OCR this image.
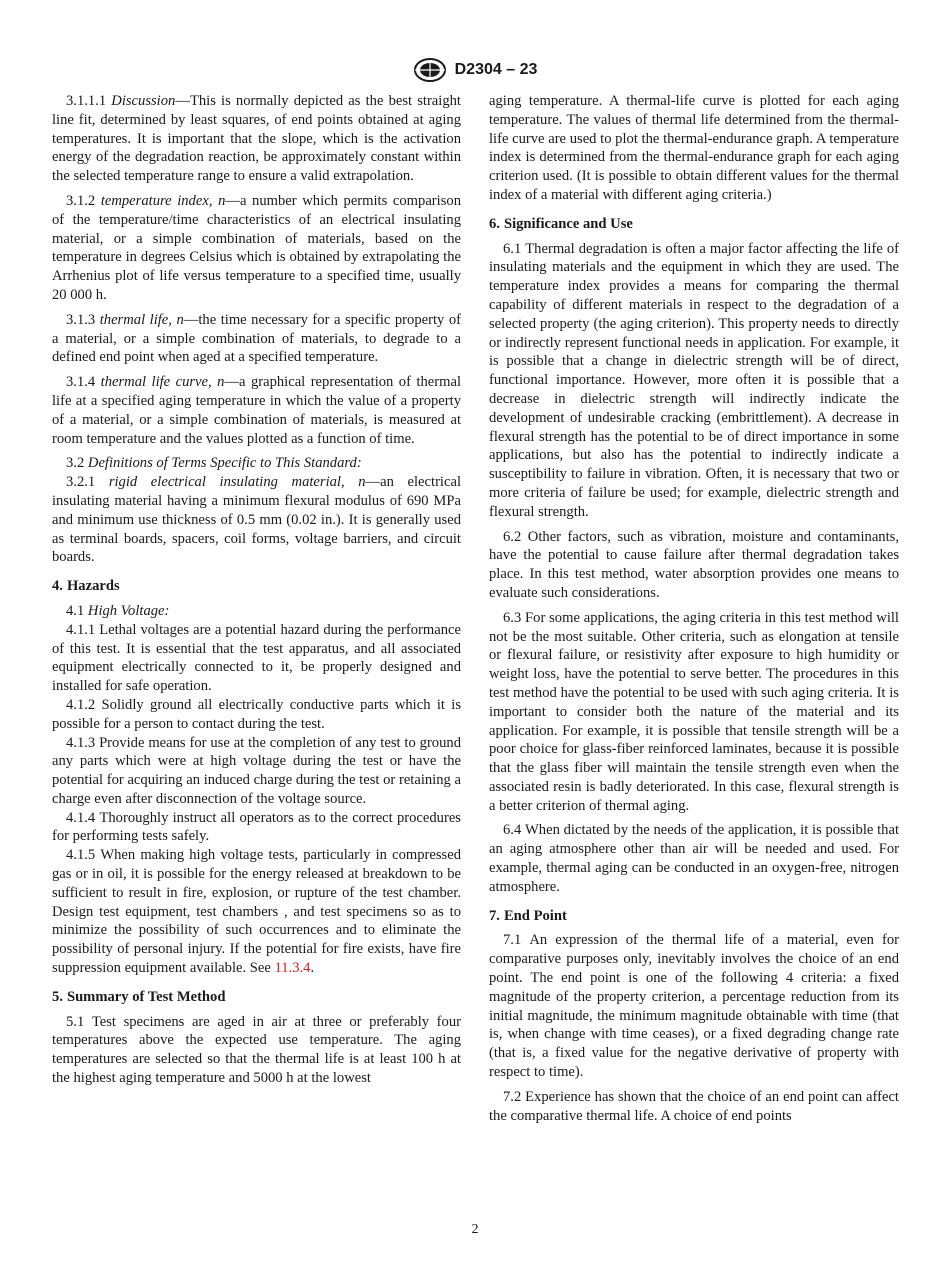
D2304 – 23

3.1.1.1 Discussion—This is normally depicted as the best straight line fit, determined by least squares, of end points obtained at aging temperatures. It is important that the slope, which is the activation energy of the degradation reaction, be approximately constant within the selected temperature range to ensure a valid extrapolation.

3.1.2 temperature index, n—a number which permits comparison of the temperature/time characteristics of an electrical insulating material, or a simple combination of materials, based on the temperature in degrees Celsius which is obtained by extrapolating the Arrhenius plot of life versus temperature to a specified time, usually 20 000 h.

3.1.3 thermal life, n—the time necessary for a specific property of a material, or a simple combination of materials, to degrade to a defined end point when aged at a specified temperature.

3.1.4 thermal life curve, n—a graphical representation of thermal life at a specified aging temperature in which the value of a property of a material, or a simple combination of materials, is measured at room temperature and the values plotted as a function of time.

3.2 Definitions of Terms Specific to This Standard:

3.2.1 rigid electrical insulating material, n—an electrical insulating material having a minimum flexural modulus of 690 MPa and minimum use thickness of 0.5 mm (0.02 in.). It is generally used as terminal boards, spacers, coil forms, voltage barriers, and circuit boards.

4. Hazards

4.1 High Voltage:

4.1.1 Lethal voltages are a potential hazard during the performance of this test. It is essential that the test apparatus, and all associated equipment electrically connected to it, be properly designed and installed for safe operation.

4.1.2 Solidly ground all electrically conductive parts which it is possible for a person to contact during the test.

4.1.3 Provide means for use at the completion of any test to ground any parts which were at high voltage during the test or have the potential for acquiring an induced charge during the test or retaining a charge even after disconnection of the voltage source.

4.1.4 Thoroughly instruct all operators as to the correct procedures for performing tests safely.

4.1.5 When making high voltage tests, particularly in compressed gas or in oil, it is possible for the energy released at breakdown to be sufficient to result in fire, explosion, or rupture of the test chamber. Design test equipment, test chambers , and test specimens so as to minimize the possibility of such occurrences and to eliminate the possibility of personal injury. If the potential for fire exists, have fire suppression equipment available. See 11.3.4.

5. Summary of Test Method

5.1 Test specimens are aged in air at three or preferably four temperatures above the expected use temperature. The aging temperatures are selected so that the thermal life is at least 100 h at the highest aging temperature and 5000 h at the lowest

aging temperature. A thermal-life curve is plotted for each aging temperature. The values of thermal life determined from the thermal-life curve are used to plot the thermal-endurance graph. A temperature index is determined from the thermal-endurance graph for each aging criterion used. (It is possible to obtain different values for the thermal index of a material with different aging criteria.)

6. Significance and Use

6.1 Thermal degradation is often a major factor affecting the life of insulating materials and the equipment in which they are used. The temperature index provides a means for comparing the thermal capability of different materials in respect to the degradation of a selected property (the aging criterion). This property needs to directly or indirectly represent functional needs in application. For example, it is possible that a change in dielectric strength will be of direct, functional importance. However, more often it is possible that a decrease in dielectric strength will indirectly indicate the development of undesirable cracking (embrittlement). A decrease in flexural strength has the potential to be of direct importance in some applications, but also has the potential to indirectly indicate a susceptibility to failure in vibration. Often, it is necessary that two or more criteria of failure be used; for example, dielectric strength and flexural strength.

6.2 Other factors, such as vibration, moisture and contaminants, have the potential to cause failure after thermal degradation takes place. In this test method, water absorption provides one means to evaluate such considerations.

6.3 For some applications, the aging criteria in this test method will not be the most suitable. Other criteria, such as elongation at tensile or flexural failure, or resistivity after exposure to high humidity or weight loss, have the potential to serve better. The procedures in this test method have the potential to be used with such aging criteria. It is important to consider both the nature of the material and its application. For example, it is possible that tensile strength will be a poor choice for glass-fiber reinforced laminates, because it is possible that the glass fiber will maintain the tensile strength even when the associated resin is badly deteriorated. In this case, flexural strength is a better criterion of thermal aging.

6.4 When dictated by the needs of the application, it is possible that an aging atmosphere other than air will be needed and used. For example, thermal aging can be conducted in an oxygen-free, nitrogen atmosphere.

7. End Point

7.1 An expression of the thermal life of a material, even for comparative purposes only, inevitably involves the choice of an end point. The end point is one of the following 4 criteria: a fixed magnitude of the property criterion, a percentage reduction from its initial magnitude, the minimum magnitude obtainable with time (that is, when change with time ceases), or a fixed degrading change rate (that is, a fixed value for the negative derivative of property with respect to time).

7.2 Experience has shown that the choice of an end point can affect the comparative thermal life. A choice of end points

2
